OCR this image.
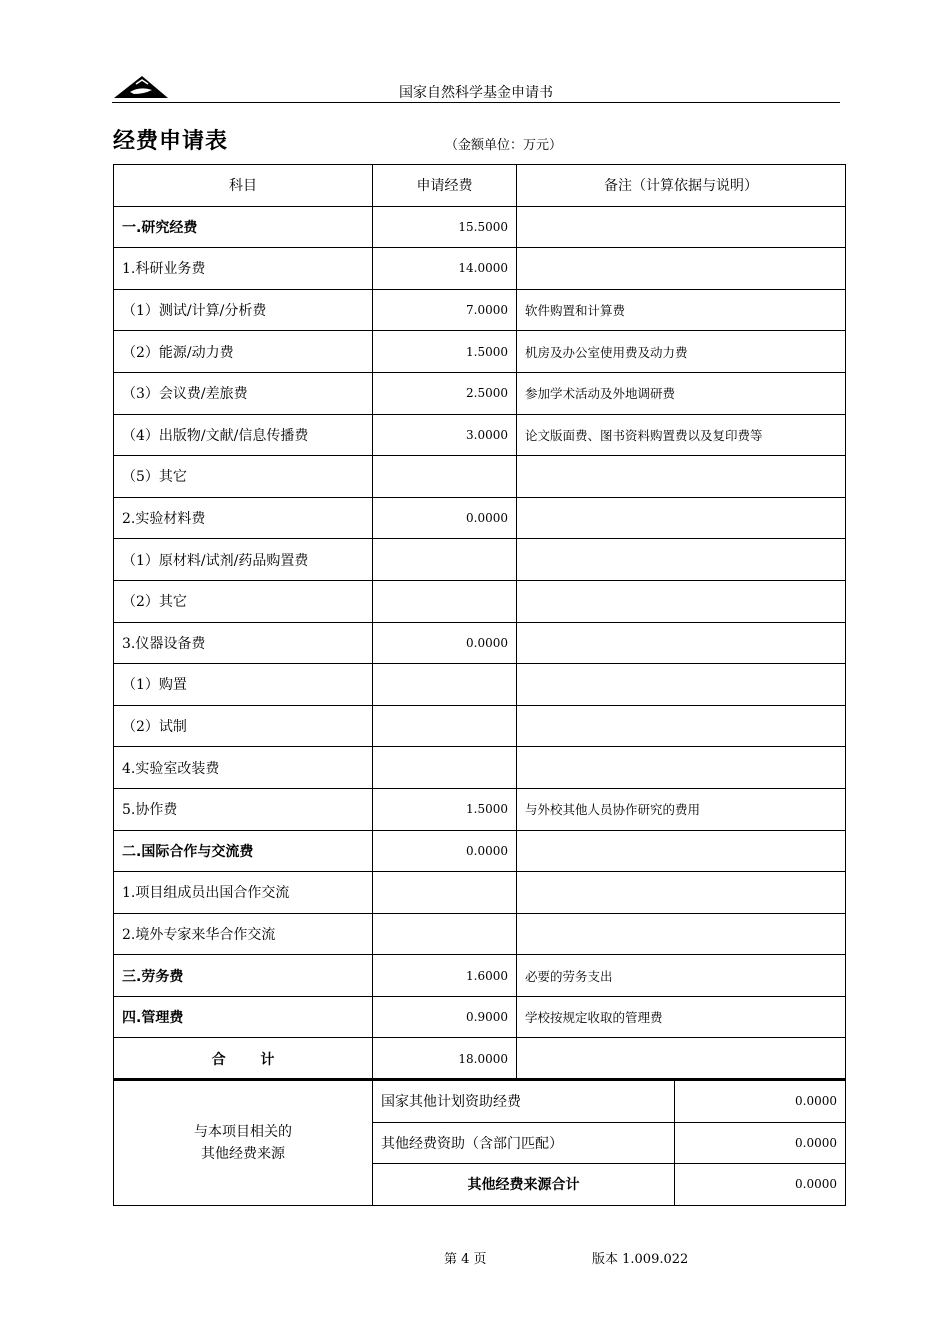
国家自然科学基金申请书
经费申请表	（金额单位：万元）
科目	申请经费	备注（计算依据与说明）
一.研究经费	15.5000	
1.科研业务费	14.0000	
（1）测试/计算/分析费	7.0000	软件购置和计算费
（2）能源/动力费	1.5000	机房及办公室使用费及动力费
（3）会议费/差旅费	2.5000	参加学术活动及外地调研费
（4）出版物/文献/信息传播费	3.0000	论文版面费、图书资料购置费以及复印费等
（5）其它		
2.实验材料费	0.0000	
（1）原材料/试剂/药品购置费		
（2）其它		
3.仪器设备费	0.0000	
（1）购置		
（2）试制		
4.实验室改装费		
5.协作费	1.5000	与外校其他人员协作研究的费用
二.国际合作与交流费	0.0000	
1.项目组成员出国合作交流		
2.境外专家来华合作交流		
三.劳务费	1.6000	必要的劳务支出
四.管理费	0.9000	学校按规定收取的管理费
合 计	18.0000	
与本项目相关的
其他经费来源	国家其他计划资助经费	0.0000
	其他经费资助（含部门匹配）	0.0000
	其他经费来源合计	0.0000
第 4 页	版本 1.009.022
